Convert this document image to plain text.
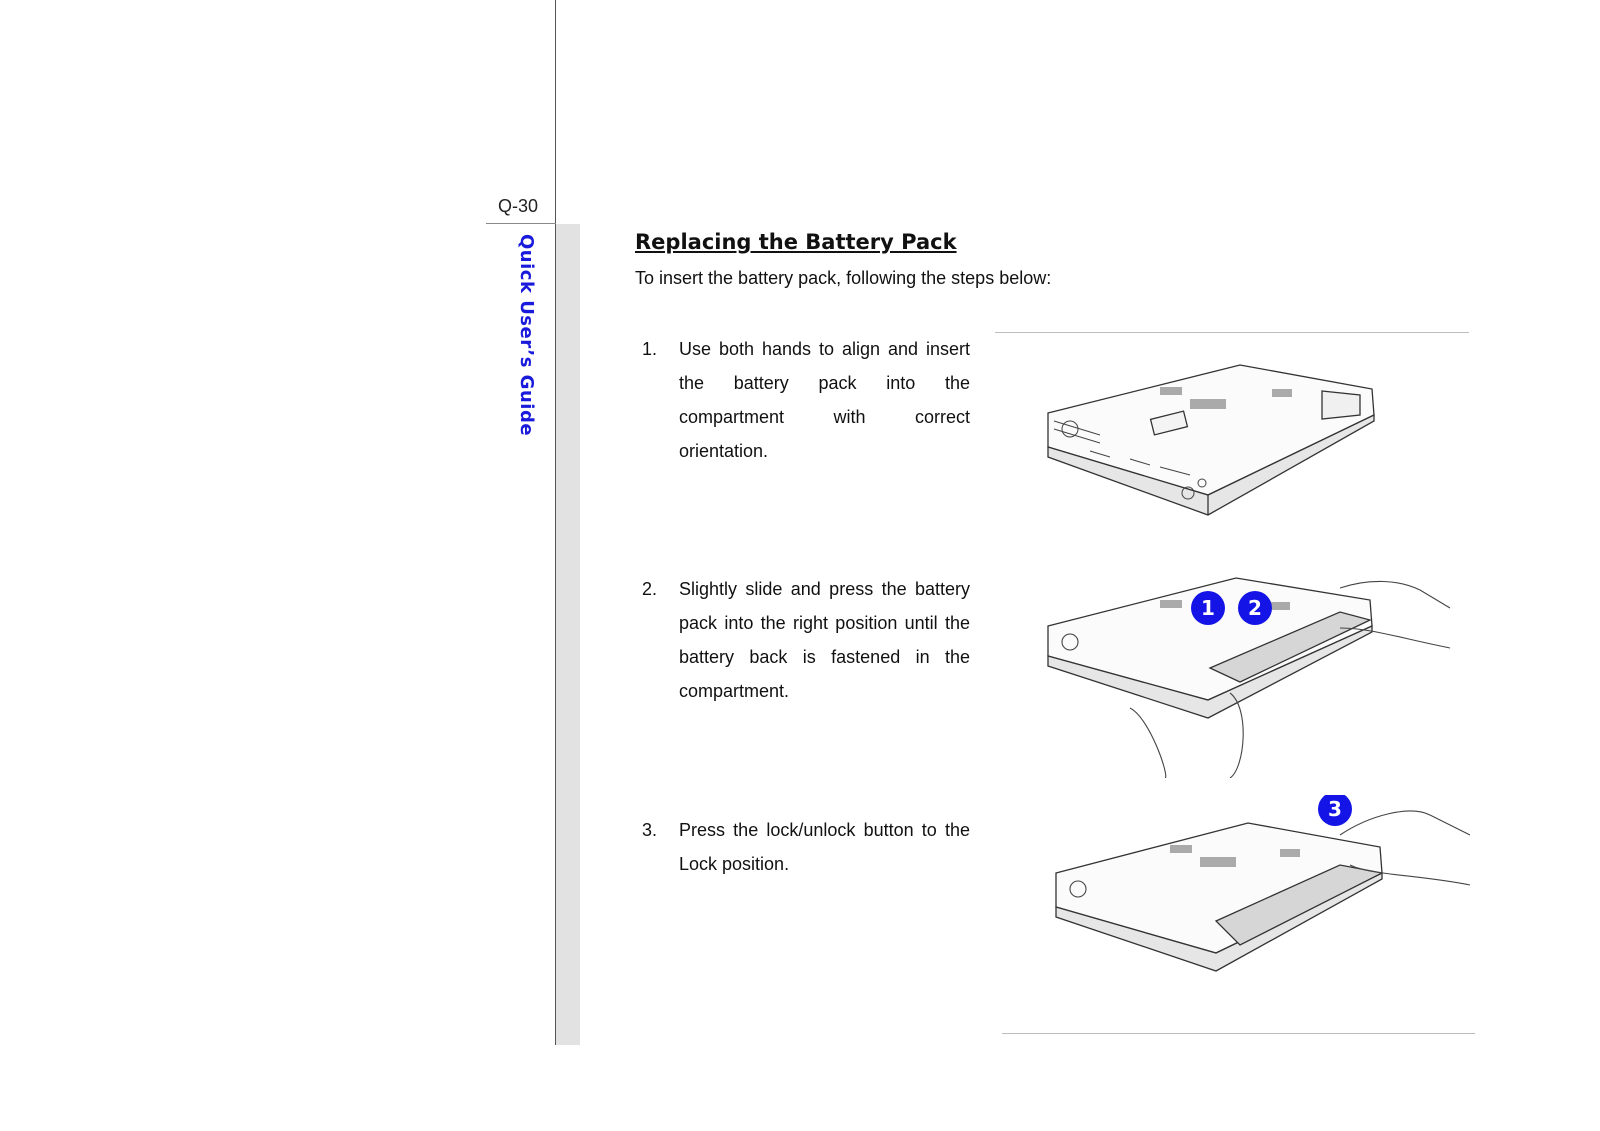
Q-30
Quick User’s Guide	Replacing the Battery Pack
To insert the battery pack, following the steps below:
1. Use both hands to align and insert the battery pack into the compartment with correct orientation.
2. Slightly slide and press the battery pack into the right position until the battery back is fastened in the compartment.
3. Press the lock/unlock button to the Lock position.
1 2
3
